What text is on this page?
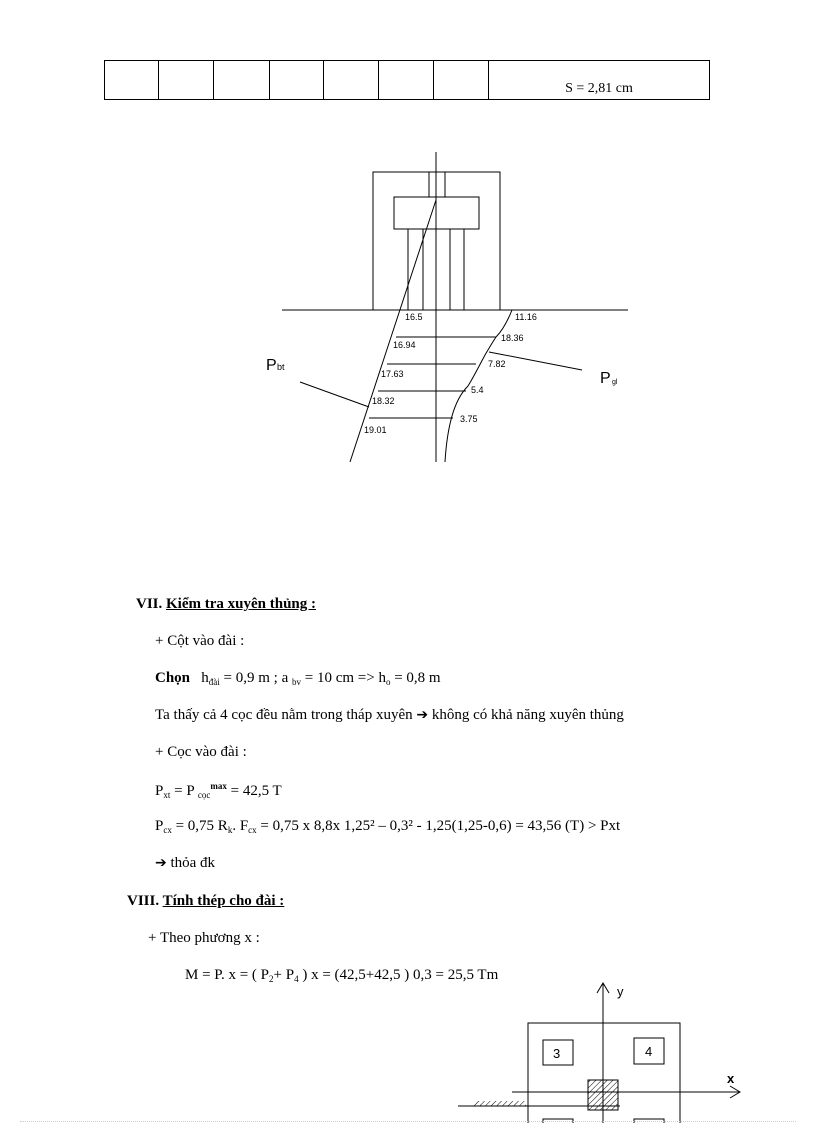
							S = 2,81 cm
16.5
16.94
17.63
18.32
19.01
11.16
18.36
7.82
5.4
3.75
P bt
P gl
VII. Kiểm tra xuyên thủng :
+ Cột vào đài :
Chọn $h_{đài} = 0,9$ m ; a $_{bv}$ = 10 cm => $h_o = 0,8$ m
Ta thấy cả 4 cọc đều nằm trong tháp xuyên ➔ không có khả năng xuyên thủng
+ Cọc vào đài :
$P_{xt} = P$ $_{cọc}^{max}$ = 42,5 T
$P_{cx} = 0,75$ $R_k$. $F_{cx} = 0,75$ x 8,8x 1,25² – 0,3² - 1,25(1,25-0,6) = 43,56 (T) > Pxt
➔ thỏa đk
VIII. Tính thép cho đài :
+ Theo phương x :
M = P. x = ( $P_2+ P_4$ ) x = (42,5+42,5 ) 0,3 = 25,5 Tm
y
x
3	4
